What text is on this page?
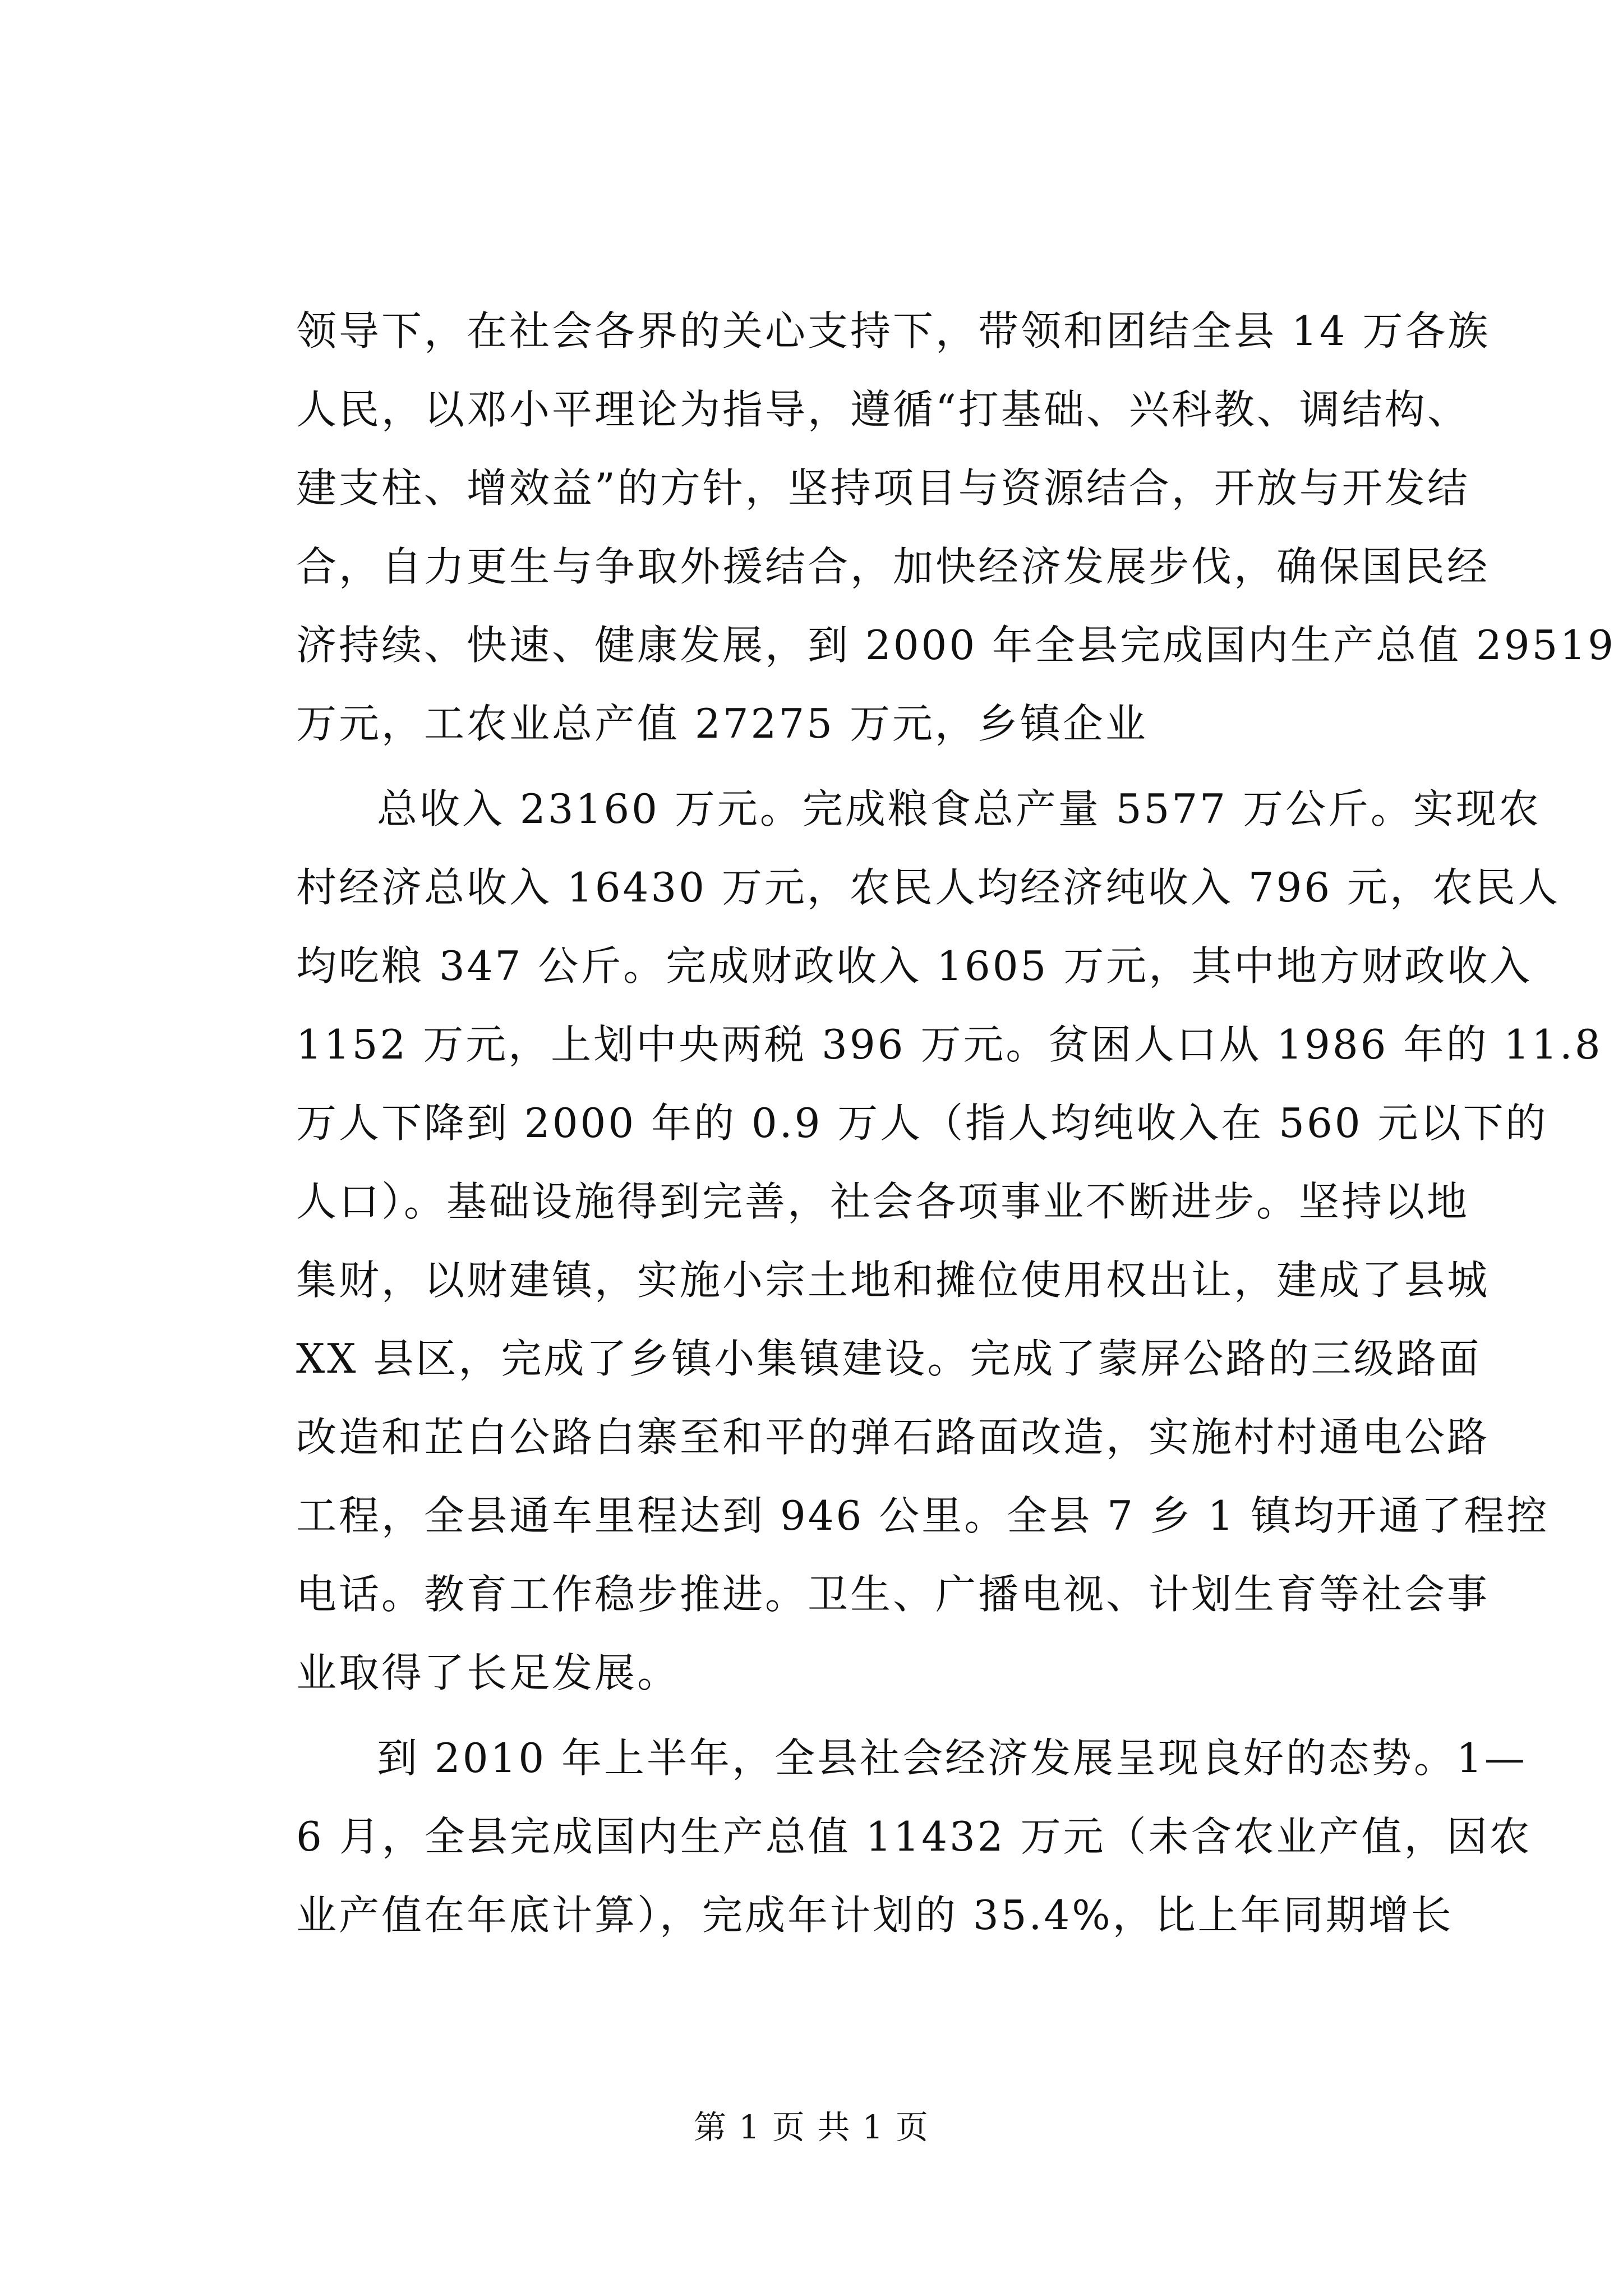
领导下，在社会各界的关心支持下，带领和团结全县 14 万各族
人民，以邓小平理论为指导，遵循“打基础、兴科教、调结构、
建支柱、增效益”的方针，坚持项目与资源结合，开放与开发结
合，自力更生与争取外援结合，加快经济发展步伐，确保国民经
济持续、快速、健康发展，到 2000 年全县完成国内生产总值 29519
万元，工农业总产值 27275 万元，乡镇企业

总收入 23160 万元。完成粮食总产量 5577 万公斤。实现农
村经济总收入 16430 万元，农民人均经济纯收入 796 元，农民人
均吃粮 347 公斤。完成财政收入 1605 万元，其中地方财政收入
1152 万元，上划中央两税 396 万元。贫困人口从 1986 年的 11.8
万人下降到 2000 年的 0.9 万人（指人均纯收入在 560 元以下的
人口）。基础设施得到完善，社会各项事业不断进步。坚持以地
集财，以财建镇，实施小宗土地和摊位使用权出让，建成了县城
XX 县区，完成了乡镇小集镇建设。完成了蒙屏公路的三级路面
改造和芷白公路白寨至和平的弹石路面改造，实施村村通电公路
工程，全县通车里程达到 946 公里。全县 7 乡 1 镇均开通了程控
电话。教育工作稳步推进。卫生、广播电视、计划生育等社会事
业取得了长足发展。

到 2010 年上半年，全县社会经济发展呈现良好的态势。1—
6 月，全县完成国内生产总值 11432 万元（未含农业产值，因农
业产值在年底计算），完成年计划的 35.4%，比上年同期增长

第 1 页 共 1 页
